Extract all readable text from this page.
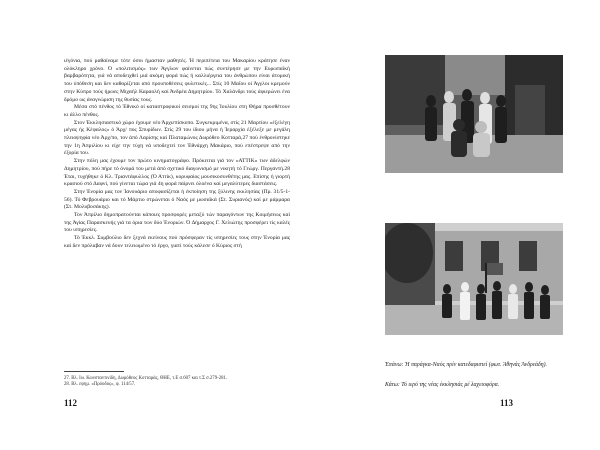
ιέγόνια, πού μαθαίναμε τότε όσοι ήμασταν μαθητές. Ή περιπέτεια του Μακαρίου κράτησε έναν ολόκληρο χρόνο. Ό «πολιτισμός» των Άγγλων φαίνεται πώς συντέρησε με την Ευρωπαϊκή βαρβαρότητα, γιά νά αποδειχθεί μιά ακόμη φορά πώς ή καλλιέργεια του άνθρώπου είναι άτομική του ύπόθεση και δεν καθορίζεται από προυποθέσεις φυλετικές... Στίς 10 Μαΐου οί Άγγλοι κρεμούν στην Κύπρο τούς ήρωες Μιχαήλ Καραολή καί Άνδρέα Δημητρίου. Τό Χαλάνδρι τούς άφιερώνει ένα δρόμο ως άναγνώριση της θυσίας τους.

Μέσα στό πένθος τό Έθνικό οί καταστροφικοί σεισμοί της 9ης Ίουλίου στη Θήρα προσθέτουν κι άλλο πένθος.

Στον Έκκλησιαστικό χώρο έχουμε νέο Άρχιεπίσκοπο. Συγκεκριμένα, στίς 21 Μαρτίου «έξελέγη μέγας ής Κέφαλος» ό Άρχ/ πος Σπυρίδων. Στίς 29 του ίδιου μήνα ή Ίεραρχία έξέλεξε με μεγάλη πλειοψηφία νέο Άρχ/πο, τον άπό Λαρίσης καί Πλαταμώνος Δωρόθεο Κοτταρά,27 πού ένθρονίστηκε την 1η Άπριλίου κι είχε την τύχη νά υποδεχτεί τον Έθνάρχη Μακάριο, πού επέστρεψε από την έξορία του.

Στην πόλη μας έχουμε τον πρώτο κινηματογράφο. Πρόκειται γιά τον «ΑΤΤΙΚ» των άδελφών Δημητρίου, πού πήρε τό όνομά του μετά άπό σχετικό διαγωνισμό με νικητή τό Γεώργ. Περγαντή.28 Έται, τυχήθηκε ό Κλ. Τριαντάφυλλος (Ό Αττίκ), κορυφαίος μουσικοσυνθέτης μας. Επίσης ή γιορτή κρασιού στό Δαφνί, πού γίνεται τώρα γιά 4η φορά παίρνει όλοένα καί μεγαλύτερες διαστάσεις.

Στην Ένορία μας τον Ίανουάριο αποφασίζεται ή έκποίηση της ξύλινης εκκλησίας (Πρ. 31/5-1-56). Τό Φεβρουάριο και τό Μάρτιο στρώνεται ό Ναός με μωσαϊκά (Στ. Συριανός) καί με μάρμαρα (Στ. Μολυβοσάκης).

Τον Άπρίλιο δημοπρατούνται κάποιες προσφορές μεταξύ τών παραγόντων της Κοιμήσεως καί της Άγίας Παρασκευής γιά τα όρια των δύο Ένοριών. Ό Δήμαρχος Γ. Χελιώτης προσφέρει τίς καλές του υπηρεσίες.

Τό Έκκλ. Συμβούλιο δεν ξεχνά εκείνους πού πρόσφεραν τίς υπηρεσίες τους στην Ένορία μας καί δεν πρόλαβαν νά δουν τελειωμένο τό έργο, γιατί τούς κάλεσε ό Κύριος στή

27. Βλ. Ιω. Κωνσταντινίδη, Δωρόθεος Κοτταράς, ΘΗΕ, τ.Ε σ.607 και τ.Σ σ.279-281.

28. Βλ. εφημ. «Πρόοδος», φ. 114/57.

112
Έπάνω: Ή παράγκα-Ναός πρίν κατεδαφιστεί (φωτ. Άθηνάς Άνδρεάδη).
Κάτω: Τό ιερό της νέας έκκλησιάς μέ λαχειοφόρα.
113
